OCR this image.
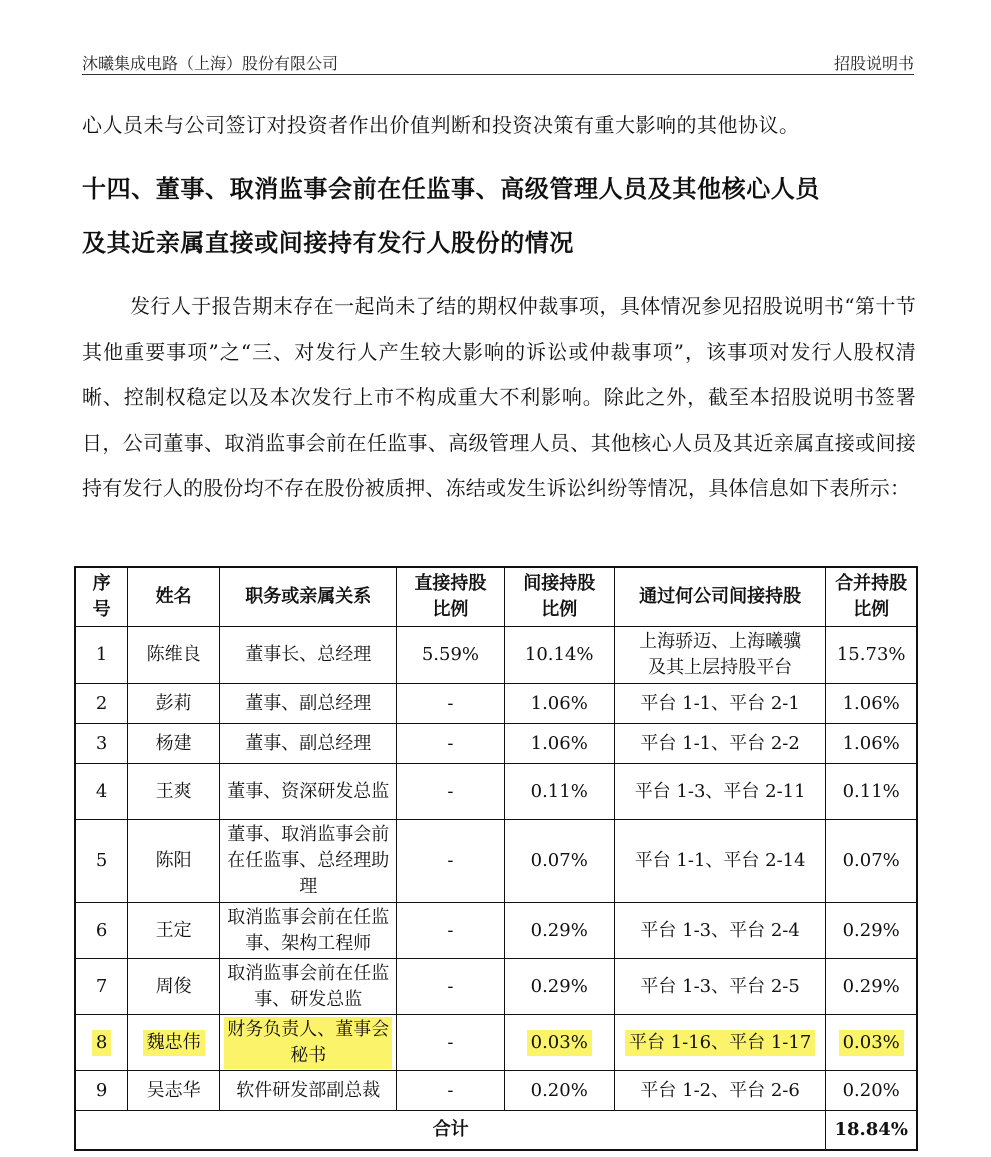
沐曦集成电路（上海）股份有限公司	招股说明书
心人员未与公司签订对投资者作出价值判断和投资决策有重大影响的其他协议。
十四、董事、取消监事会前在任监事、高级管理人员及其他核心人员
及其近亲属直接或间接持有发行人股份的情况
发行人于报告期末存在一起尚未了结的期权仲裁事项，具体情况参见招股说明书“第十节 其他重要事项”之“三、对发行人产生较大影响的诉讼或仲裁事项”，该事项对发行人股权清晰、控制权稳定以及本次发行上市不构成重大不利影响。除此之外，截至本招股说明书签署日，公司董事、取消监事会前在任监事、高级管理人员、其他核心人员及其近亲属直接或间接持有发行人的股份均不存在股份被质押、冻结或发生诉讼纠纷等情况，具体信息如下表所示：
序号	姓名	职务或亲属关系	直接持股比例	间接持股比例	通过何公司间接持股	合并持股比例

1	陈维良	董事长、总经理	5.59%	10.14%	上海骄迈、上海曦骥及其上层持股平台	15.73%
2	彭莉	董事、副总经理	-	1.06%	平台 1-1、平台 2-1	1.06%
3	杨建	董事、副总经理	-	1.06%	平台 1-1、平台 2-2	1.06%
4	王爽	董事、资深研发总监	-	0.11%	平台 1-3、平台 2-11	0.11%
5	陈阳	董事、取消监事会前在任监事、总经理助理	-	0.07%	平台 1-1、平台 2-14	0.07%
6	王定	取消监事会前在任监事、架构工程师	-	0.29%	平台 1-3、平台 2-4	0.29%
7	周俊	取消监事会前在任监事、研发总监	-	0.29%	平台 1-3、平台 2-5	0.29%
8	魏忠伟	财务负责人、董事会秘书	-	0.03%	平台 1-16、平台 1-17	0.03%
9	吴志华	软件研发部副总裁	-	0.20%	平台 1-2、平台 2-6	0.20%
合计						18.84%
